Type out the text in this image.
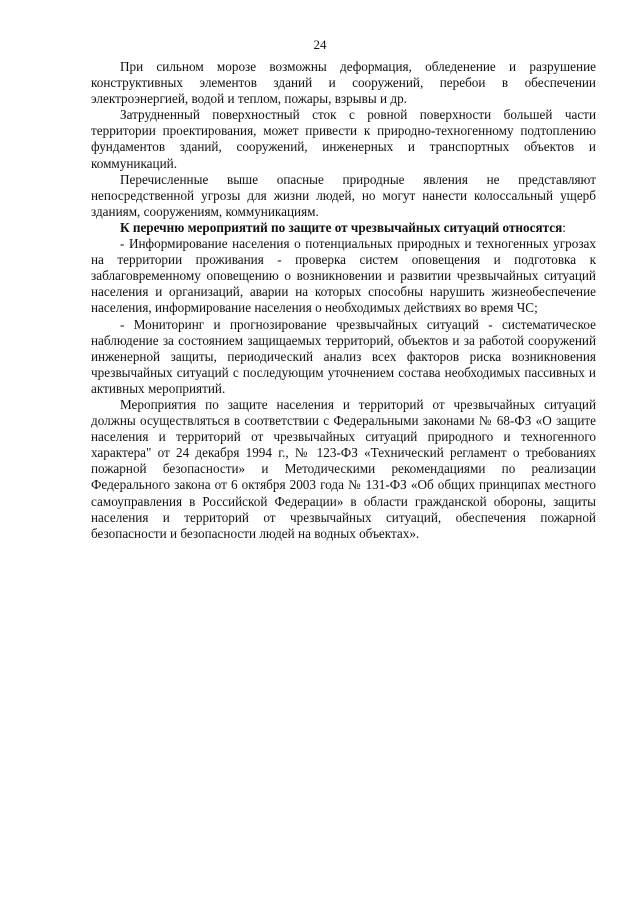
24

При сильном морозе возможны деформация, обледенение и разрушение конструктивных элементов зданий и сооружений, перебои в обеспечении электроэнергией, водой и теплом, пожары, взрывы и др.

Затрудненный поверхностный сток с ровной поверхности большей части территории проектирования, может привести к природно-техногенному подтоплению фундаментов зданий, сооружений, инженерных и транспортных объектов и коммуникаций.

Перечисленные выше опасные природные явления не представляют непосредственной угрозы для жизни людей, но могут нанести колоссальный ущерб зданиям, сооружениям, коммуникациям.

К перечню мероприятий по защите от чрезвычайных ситуаций относятся:

- Информирование населения о потенциальных природных и техногенных угрозах на территории проживания - проверка систем оповещения и подготовка к заблаговременному оповещению о возникновении и развитии чрезвычайных ситуаций населения и организаций, аварии на которых способны нарушить жизнеобеспечение населения, информирование населения о необходимых действиях во время ЧС;

- Мониторинг и прогнозирование чрезвычайных ситуаций - систематическое наблюдение за состоянием защищаемых территорий, объектов и за работой сооружений инженерной защиты, периодический анализ всех факторов риска возникновения чрезвычайных ситуаций с последующим уточнением состава необходимых пассивных и активных мероприятий.

Мероприятия по защите населения и территорий от чрезвычайных ситуаций должны осуществляться в соответствии с Федеральными законами № 68-ФЗ «О защите населения и территорий от чрезвычайных ситуаций природного и техногенного характера" от 24 декабря 1994 г., № 123-ФЗ «Технический регламент о требованиях пожарной безопасности» и Методическими рекомендациями по реализации Федерального закона от 6 октября 2003 года № 131-ФЗ «Об общих принципах местного самоуправления в Российской Федерации» в области гражданской обороны, защиты населения и территорий от чрезвычайных ситуаций, обеспечения пожарной безопасности и безопасности людей на водных объектах».
